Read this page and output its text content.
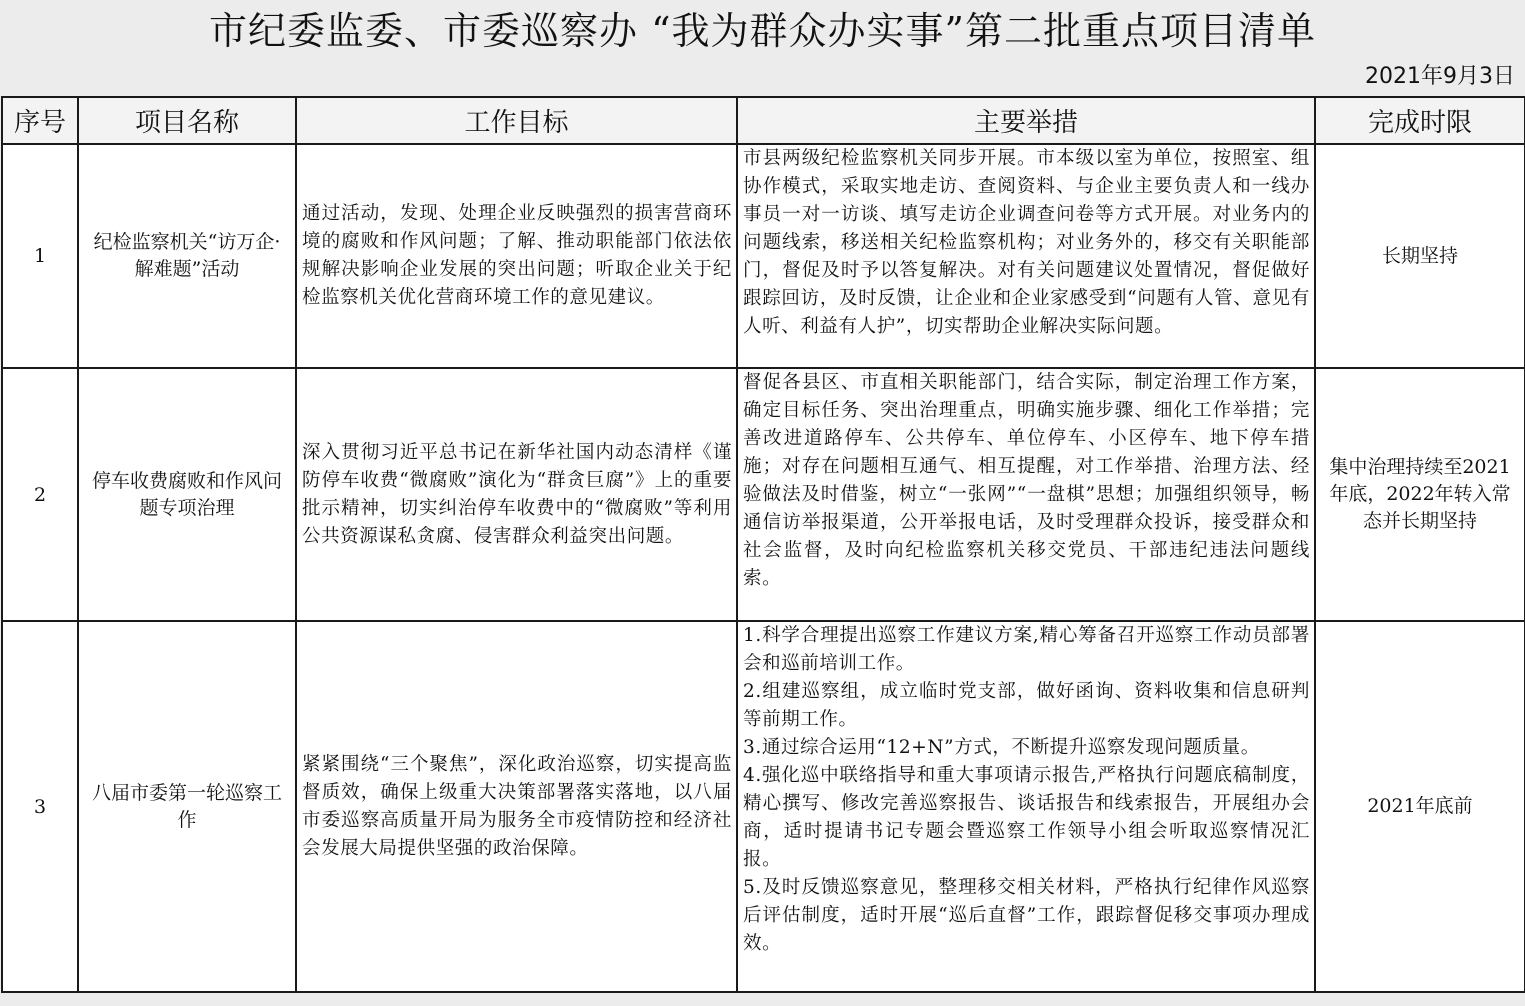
市纪委监委、市委巡察办 “我为群众办实事”第二批重点项目清单
2021年9月3日
序号	项目名称	工作目标	主要举措	完成时限
1	纪检监察机关“访万企·解难题”活动	通过活动，发现、处理企业反映强烈的损害营商环境的腐败和作风问题；了解、推动职能部门依法依规解决影响企业发展的突出问题；听取企业关于纪检监察机关优化营商环境工作的意见建议。	市县两级纪检监察机关同步开展。市本级以室为单位，按照室、组协作模式，采取实地走访、查阅资料、与企业主要负责人和一线办事员一对一访谈、填写走访企业调查问卷等方式开展。对业务内的问题线索，移送相关纪检监察机构；对业务外的，移交有关职能部门，督促及时予以答复解决。对有关问题建议处置情况，督促做好跟踪回访，及时反馈，让企业和企业家感受到“问题有人管、意见有人听、利益有人护”，切实帮助企业解决实际问题。	长期坚持
2	停车收费腐败和作风问题专项治理	深入贯彻习近平总书记在新华社国内动态清样《谨防停车收费“微腐败”演化为“群贪巨腐”》上的重要批示精神，切实纠治停车收费中的“微腐败”等利用公共资源谋私贪腐、侵害群众利益突出问题。	督促各县区、市直相关职能部门，结合实际，制定治理工作方案，确定目标任务、突出治理重点，明确实施步骤、细化工作举措；完善改进道路停车、公共停车、单位停车、小区停车、地下停车措施；对存在问题相互通气、相互提醒，对工作举措、治理方法、经验做法及时借鉴，树立“一张网”“一盘棋”思想；加强组织领导，畅通信访举报渠道，公开举报电话，及时受理群众投诉，接受群众和社会监督，及时向纪检监察机关移交党员、干部违纪违法问题线索。	集中治理持续至2021年底，2022年转入常态并长期坚持
3	八届市委第一轮巡察工作	紧紧围绕“三个聚焦”，深化政治巡察，切实提高监督质效，确保上级重大决策部署落实落地，以八届市委巡察高质量开局为服务全市疫情防控和经济社会发展大局提供坚强的政治保障。	1.科学合理提出巡察工作建议方案,精心筹备召开巡察工作动员部署会和巡前培训工作。

2.组建巡察组，成立临时党支部，做好函询、资料收集和信息研判等前期工作。

3.通过综合运用“12+N”方式，不断提升巡察发现问题质量。

4.强化巡中联络指导和重大事项请示报告,严格执行问题底稿制度，精心撰写、修改完善巡察报告、谈话报告和线索报告，开展组办会商，适时提请书记专题会暨巡察工作领导小组会听取巡察情况汇报。

5.及时反馈巡察意见，整理移交相关材料，严格执行纪律作风巡察后评估制度，适时开展“巡后直督”工作，跟踪督促移交事项办理成效。	2021年底前
